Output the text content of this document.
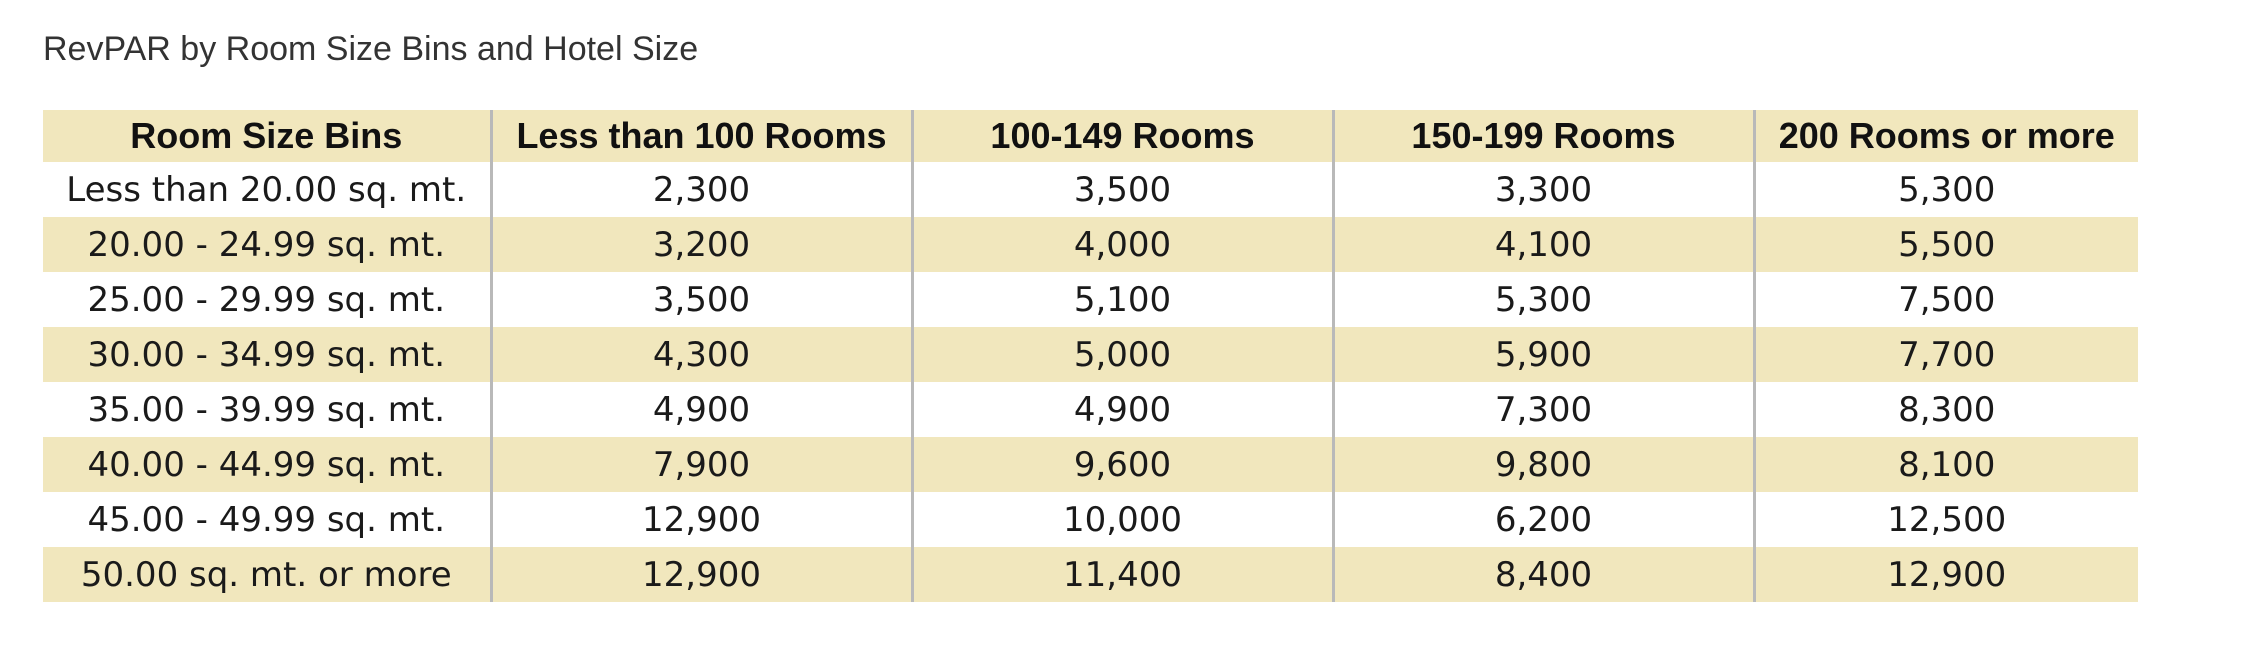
RevPAR by Room Size Bins and Hotel Size
Room Size Bins	Less than 100 Rooms	100-149 Rooms	150-199 Rooms	200 Rooms or more
Less than 20.00 sq. mt.	2,300	3,500	3,300	5,300
20.00 - 24.99 sq. mt.	3,200	4,000	4,100	5,500
25.00 - 29.99 sq. mt.	3,500	5,100	5,300	7,500
30.00 - 34.99 sq. mt.	4,300	5,000	5,900	7,700
35.00 - 39.99 sq. mt.	4,900	4,900	7,300	8,300
40.00 - 44.99 sq. mt.	7,900	9,600	9,800	8,100
45.00 - 49.99 sq. mt.	12,900	10,000	6,200	12,500
50.00 sq. mt. or more	12,900	11,400	8,400	12,900
